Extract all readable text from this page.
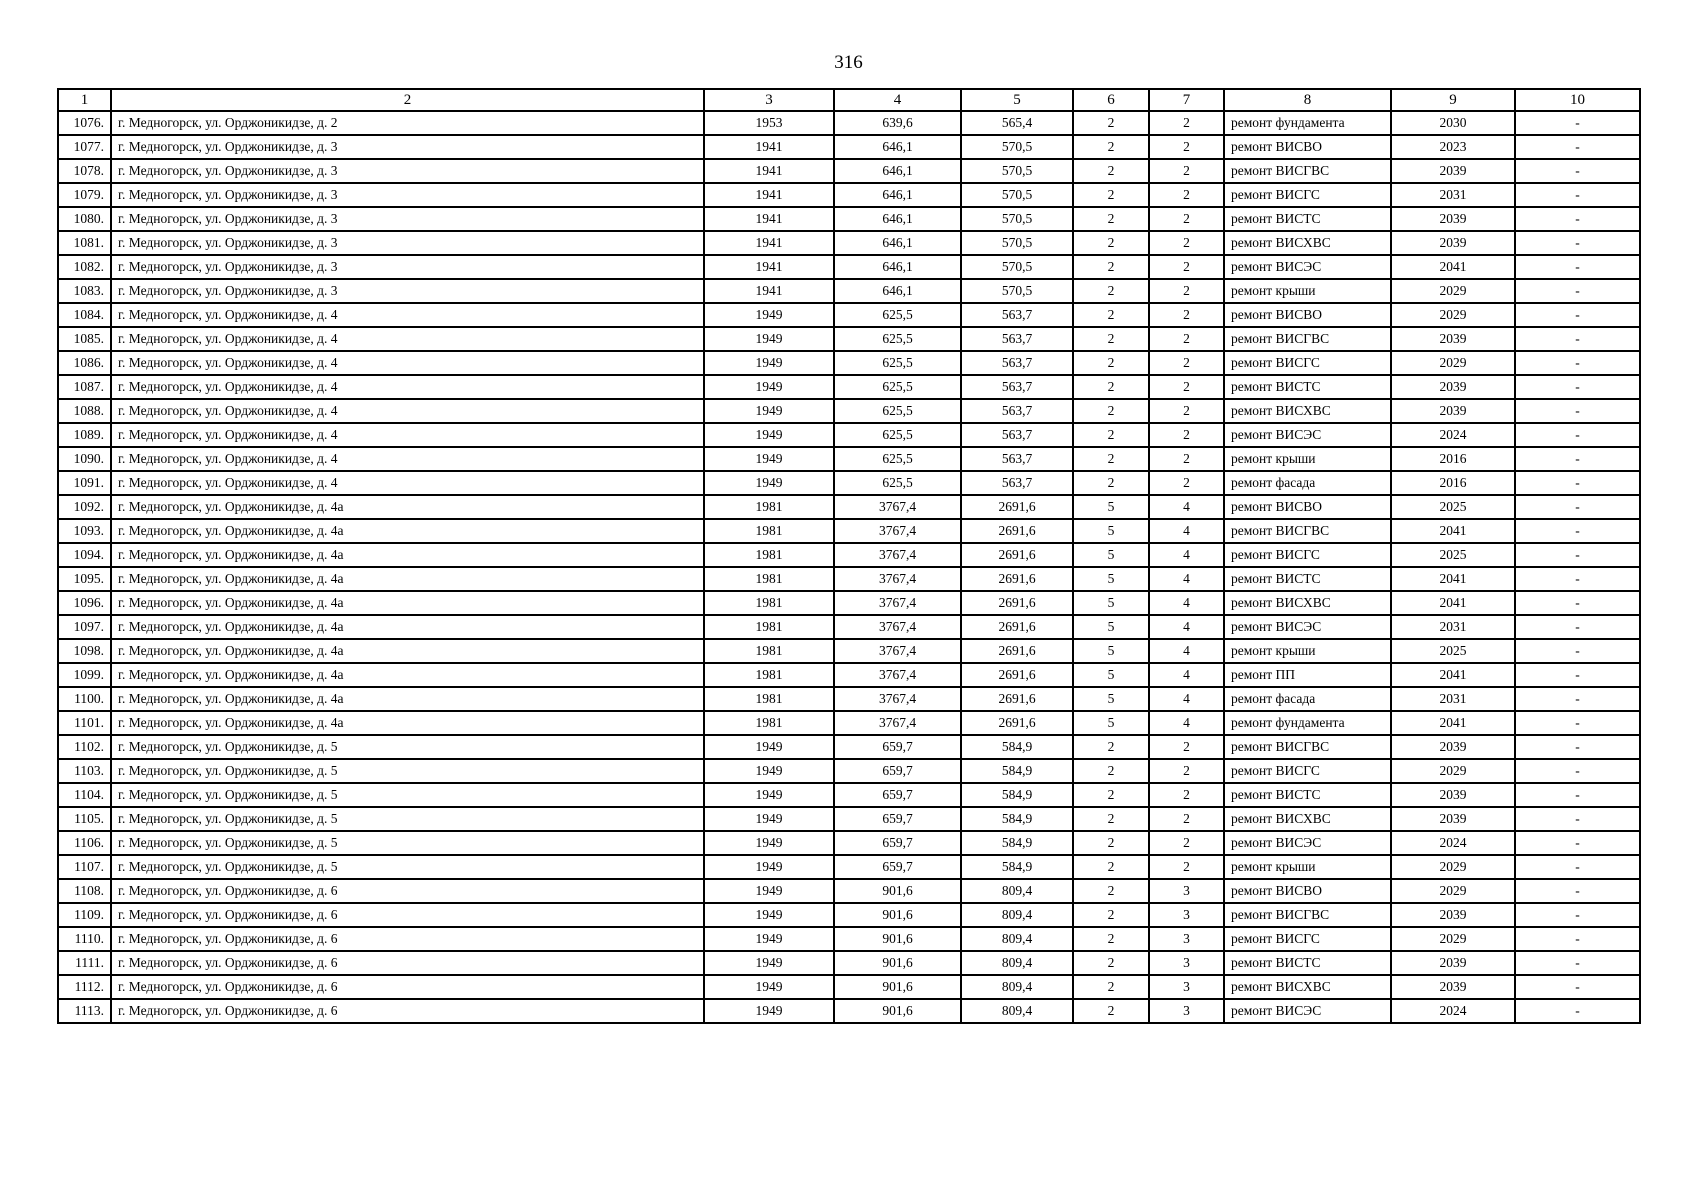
316
1	2	3	4	5	6	7	8	9	10
1076.	г. Медногорск, ул. Орджоникидзе, д. 2	1953	639,6	565,4	2	2	ремонт фундамента	2030	-
1077.	г. Медногорск, ул. Орджоникидзе, д. 3	1941	646,1	570,5	2	2	ремонт ВИСВО	2023	-
1078.	г. Медногорск, ул. Орджоникидзе, д. 3	1941	646,1	570,5	2	2	ремонт ВИСГВС	2039	-
1079.	г. Медногорск, ул. Орджоникидзе, д. 3	1941	646,1	570,5	2	2	ремонт ВИСГС	2031	-
1080.	г. Медногорск, ул. Орджоникидзе, д. 3	1941	646,1	570,5	2	2	ремонт ВИСТС	2039	-
1081.	г. Медногорск, ул. Орджоникидзе, д. 3	1941	646,1	570,5	2	2	ремонт ВИСХВС	2039	-
1082.	г. Медногорск, ул. Орджоникидзе, д. 3	1941	646,1	570,5	2	2	ремонт ВИСЭС	2041	-
1083.	г. Медногорск, ул. Орджоникидзе, д. 3	1941	646,1	570,5	2	2	ремонт крыши	2029	-
1084.	г. Медногорск, ул. Орджоникидзе, д. 4	1949	625,5	563,7	2	2	ремонт ВИСВО	2029	-
1085.	г. Медногорск, ул. Орджоникидзе, д. 4	1949	625,5	563,7	2	2	ремонт ВИСГВС	2039	-
1086.	г. Медногорск, ул. Орджоникидзе, д. 4	1949	625,5	563,7	2	2	ремонт ВИСГС	2029	-
1087.	г. Медногорск, ул. Орджоникидзе, д. 4	1949	625,5	563,7	2	2	ремонт ВИСТС	2039	-
1088.	г. Медногорск, ул. Орджоникидзе, д. 4	1949	625,5	563,7	2	2	ремонт ВИСХВС	2039	-
1089.	г. Медногорск, ул. Орджоникидзе, д. 4	1949	625,5	563,7	2	2	ремонт ВИСЭС	2024	-
1090.	г. Медногорск, ул. Орджоникидзе, д. 4	1949	625,5	563,7	2	2	ремонт крыши	2016	-
1091.	г. Медногорск, ул. Орджоникидзе, д. 4	1949	625,5	563,7	2	2	ремонт фасада	2016	-
1092.	г. Медногорск, ул. Орджоникидзе, д. 4а	1981	3767,4	2691,6	5	4	ремонт ВИСВО	2025	-
1093.	г. Медногорск, ул. Орджоникидзе, д. 4а	1981	3767,4	2691,6	5	4	ремонт ВИСГВС	2041	-
1094.	г. Медногорск, ул. Орджоникидзе, д. 4а	1981	3767,4	2691,6	5	4	ремонт ВИСГС	2025	-
1095.	г. Медногорск, ул. Орджоникидзе, д. 4а	1981	3767,4	2691,6	5	4	ремонт ВИСТС	2041	-
1096.	г. Медногорск, ул. Орджоникидзе, д. 4а	1981	3767,4	2691,6	5	4	ремонт ВИСХВС	2041	-
1097.	г. Медногорск, ул. Орджоникидзе, д. 4а	1981	3767,4	2691,6	5	4	ремонт ВИСЭС	2031	-
1098.	г. Медногорск, ул. Орджоникидзе, д. 4а	1981	3767,4	2691,6	5	4	ремонт крыши	2025	-
1099.	г. Медногорск, ул. Орджоникидзе, д. 4а	1981	3767,4	2691,6	5	4	ремонт ПП	2041	-
1100.	г. Медногорск, ул. Орджоникидзе, д. 4а	1981	3767,4	2691,6	5	4	ремонт фасада	2031	-
1101.	г. Медногорск, ул. Орджоникидзе, д. 4а	1981	3767,4	2691,6	5	4	ремонт фундамента	2041	-
1102.	г. Медногорск, ул. Орджоникидзе, д. 5	1949	659,7	584,9	2	2	ремонт ВИСГВС	2039	-
1103.	г. Медногорск, ул. Орджоникидзе, д. 5	1949	659,7	584,9	2	2	ремонт ВИСГС	2029	-
1104.	г. Медногорск, ул. Орджоникидзе, д. 5	1949	659,7	584,9	2	2	ремонт ВИСТС	2039	-
1105.	г. Медногорск, ул. Орджоникидзе, д. 5	1949	659,7	584,9	2	2	ремонт ВИСХВС	2039	-
1106.	г. Медногорск, ул. Орджоникидзе, д. 5	1949	659,7	584,9	2	2	ремонт ВИСЭС	2024	-
1107.	г. Медногорск, ул. Орджоникидзе, д. 5	1949	659,7	584,9	2	2	ремонт крыши	2029	-
1108.	г. Медногорск, ул. Орджоникидзе, д. 6	1949	901,6	809,4	2	3	ремонт ВИСВО	2029	-
1109.	г. Медногорск, ул. Орджоникидзе, д. 6	1949	901,6	809,4	2	3	ремонт ВИСГВС	2039	-
1110.	г. Медногорск, ул. Орджоникидзе, д. 6	1949	901,6	809,4	2	3	ремонт ВИСГС	2029	-
1111.	г. Медногорск, ул. Орджоникидзе, д. 6	1949	901,6	809,4	2	3	ремонт ВИСТС	2039	-
1112.	г. Медногорск, ул. Орджоникидзе, д. 6	1949	901,6	809,4	2	3	ремонт ВИСХВС	2039	-
1113.	г. Медногорск, ул. Орджоникидзе, д. 6	1949	901,6	809,4	2	3	ремонт ВИСЭС	2024	-
